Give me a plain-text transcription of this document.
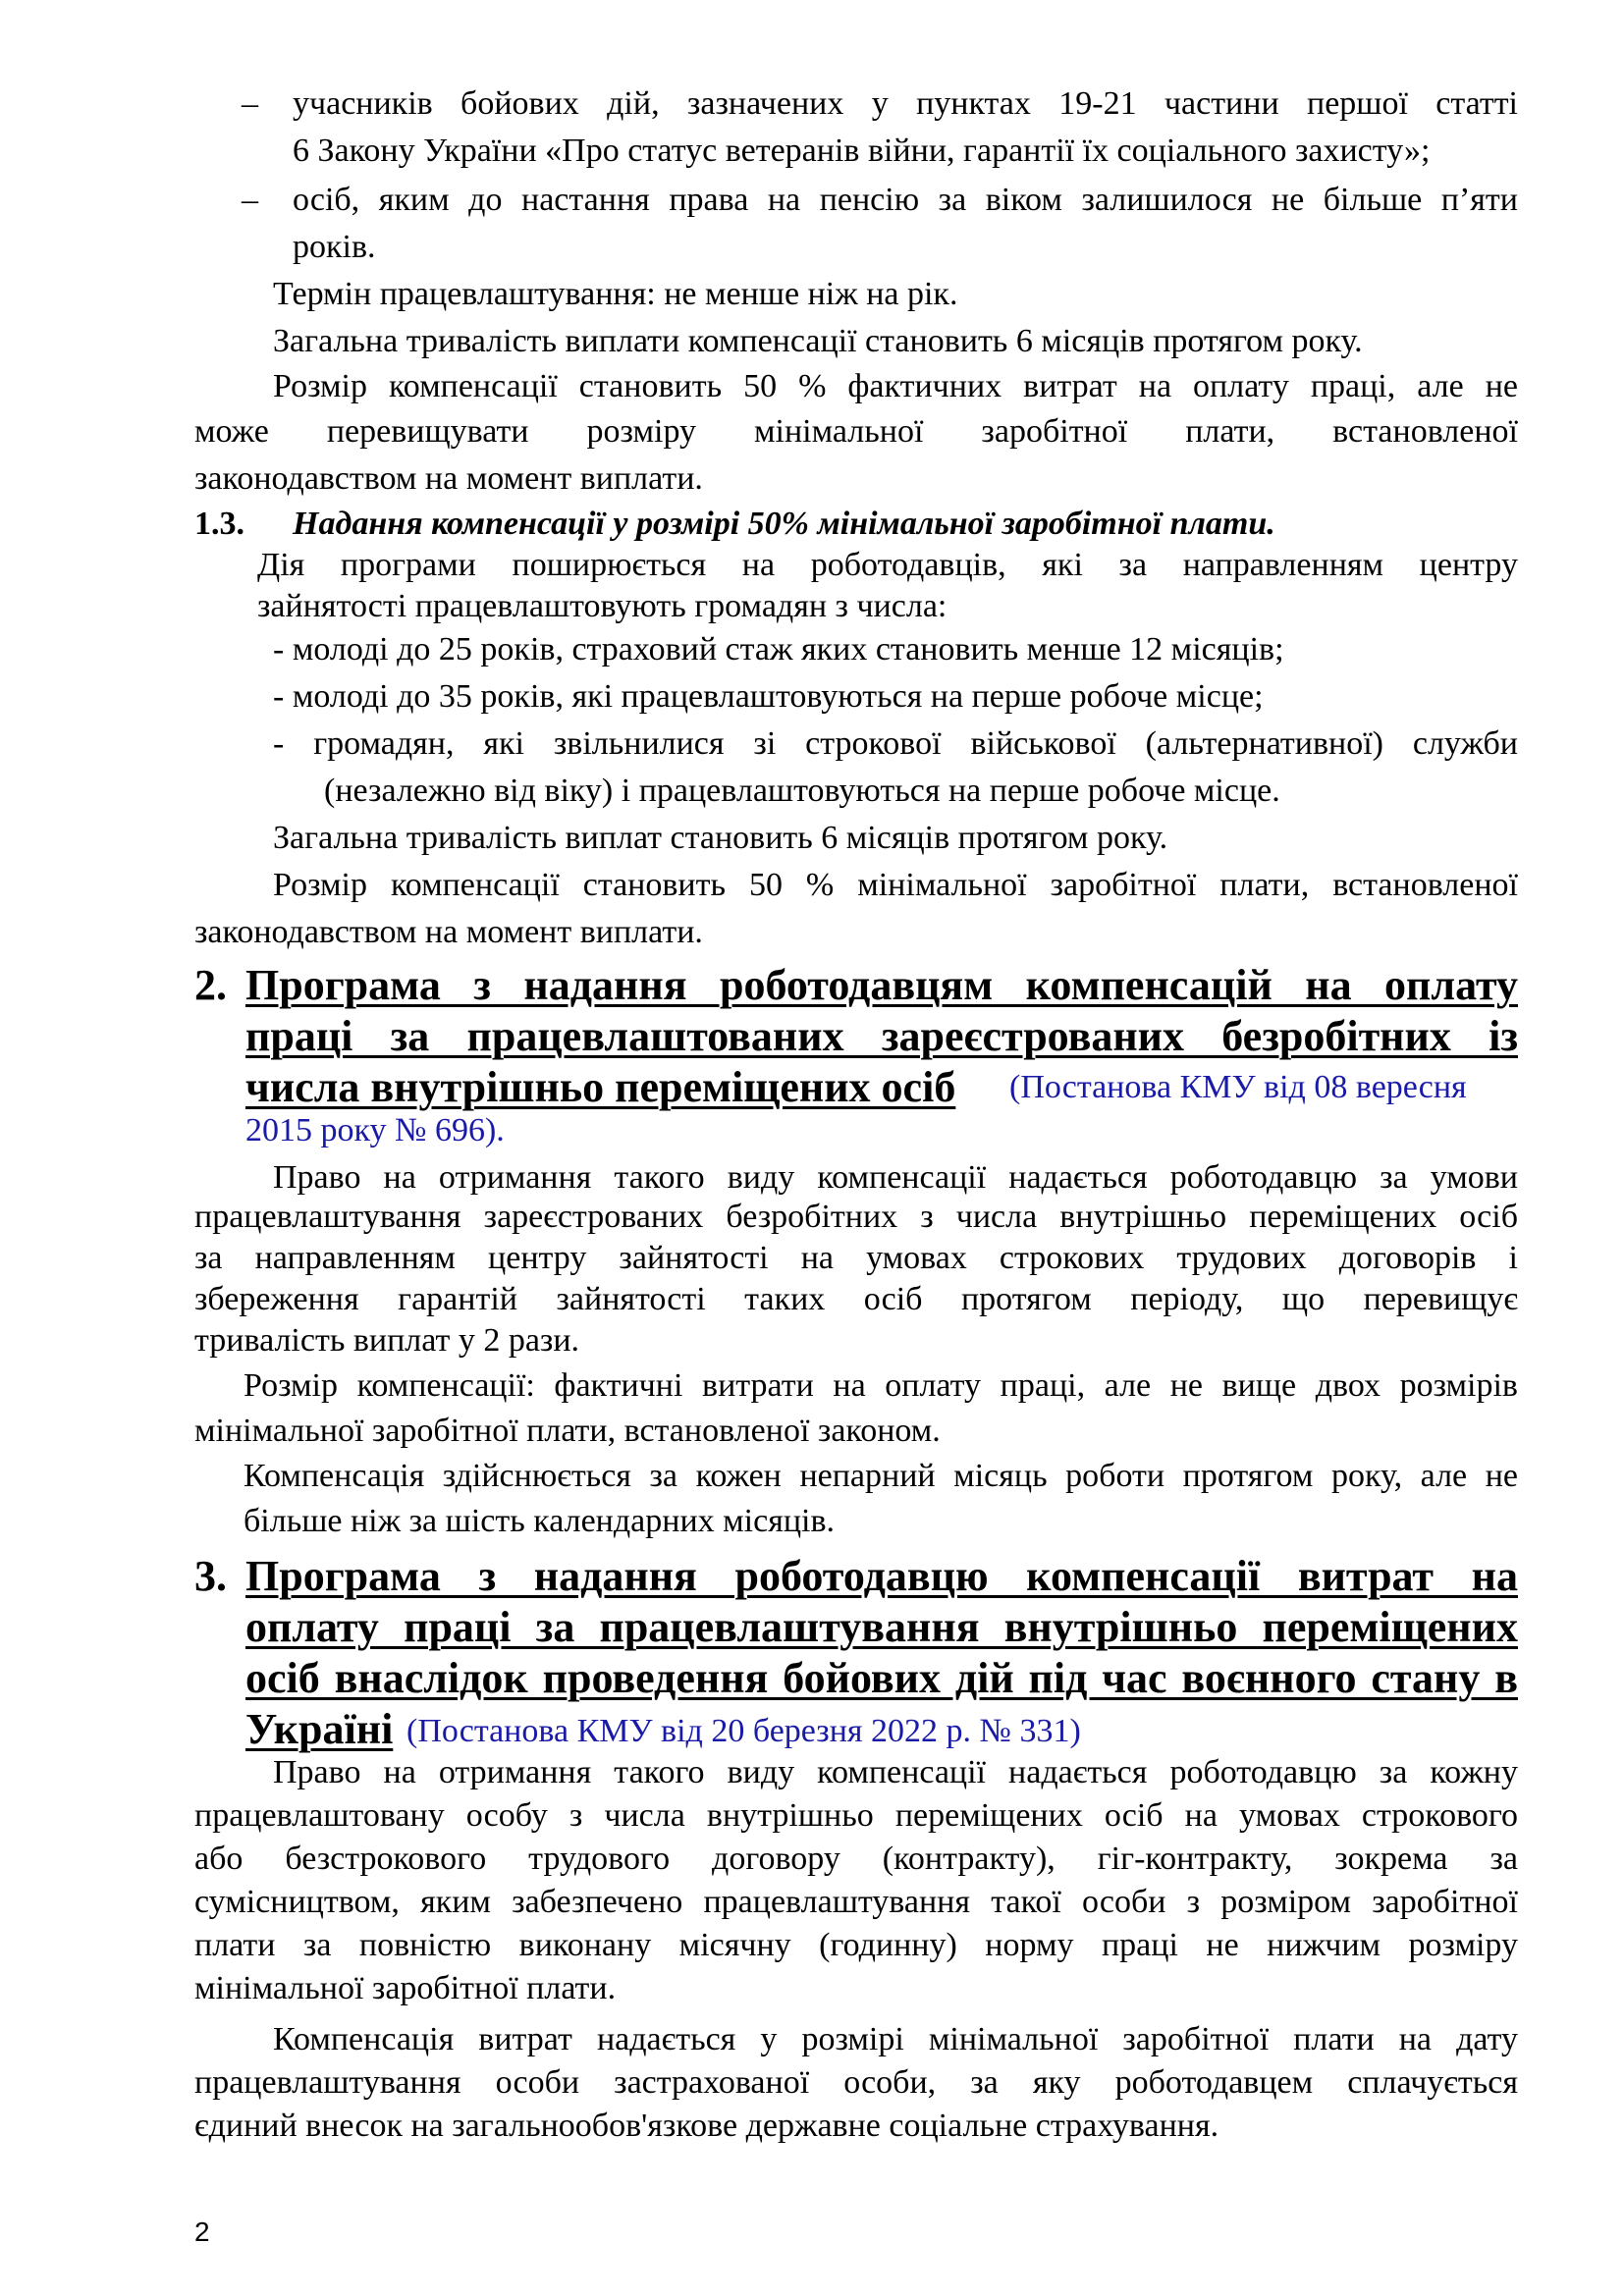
– учасників бойових дій, зазначених у пунктах 19-21 частини першої статті
6 Закону України «Про статус ветеранів війни, гарантії їх соціального захисту»;
– осіб, яким до настання права на пенсію за віком залишилося не більше п’яти
років.
Термін працевлаштування: не менше ніж на рік.
Загальна тривалість виплати компенсації становить 6 місяців протягом року.
Розмір компенсації становить 50 % фактичних витрат на оплату праці, але не
може перевищувати розміру мінімальної заробітної плати, встановленої
законодавством на момент виплати.
1.3. Надання компенсації у розмірі 50% мінімальної заробітної плати.
Дія програми поширюється на роботодавців, які за направленням центру
зайнятості працевлаштовують громадян з числа:
- молоді до 25 років, страховий стаж яких становить менше 12 місяців;
- молоді до 35 років, які працевлаштовуються на перше робоче місце;
- громадян, які звільнилися зі строкової військової (альтернативної) служби
(незалежно від віку) і працевлаштовуються на перше робоче місце.
Загальна тривалість виплат становить 6 місяців протягом року.
Розмір компенсації становить 50 % мінімальної заробітної плати, встановленої
законодавством на момент виплати.
2. Програма з надання роботодавцям компенсацій на оплату
праці за працевлаштованих зареєстрованих безробітних із
числа внутрішньо переміщених осіб (Постанова КМУ від 08 вересня
2015 року № 696).
Право на отримання такого виду компенсації надається роботодавцю за умови
працевлаштування зареєстрованих безробітних з числа внутрішньо переміщених осіб
за направленням центру зайнятості на умовах строкових трудових договорів і
збереження гарантій зайнятості таких осіб протягом періоду, що перевищує
тривалість виплат у 2 рази.
Розмір компенсації: фактичні витрати на оплату праці, але не вище двох розмірів
мінімальної заробітної плати, встановленої законом.
Компенсація здійснюється за кожен непарний місяць роботи протягом року, але не
більше ніж за шість календарних місяців.
3. Програма з надання роботодавцю компенсації витрат на
оплату праці за працевлаштування внутрішньо переміщених
осіб внаслідок проведення бойових дій під час воєнного стану в
Україні (Постанова КМУ від 20 березня 2022 р. № 331)
Право на отримання такого виду компенсації надається роботодавцю за кожну
працевлаштовану особу з числа внутрішньо переміщених осіб на умовах строкового
або безстрокового трудового договору (контракту), гіг-контракту, зокрема за
сумісництвом, яким забезпечено працевлаштування такої особи з розміром заробітної
плати за повністю виконану місячну (годинну) норму праці не нижчим розміру
мінімальної заробітної плати.
Компенсація витрат надається у розмірі мінімальної заробітної плати на дату
працевлаштування особи застрахованої особи, за яку роботодавцем сплачується
єдиний внесок на загальнообов'язкове державне соціальне страхування.
2
